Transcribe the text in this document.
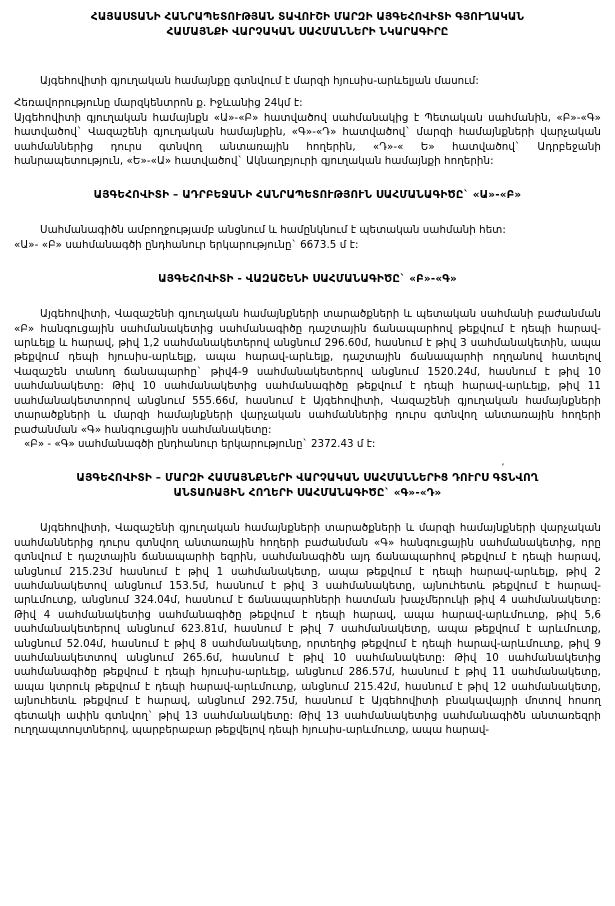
ՀԱՅԱՍՏԱՆԻ ՀԱՆՐԱՊԵՏՈՒԹՅԱՆ ՏԱՎՈՒՇԻ ՄԱՐԶԻ ԱՅԳԵՀՈՎԻՏԻ ԳՅՈՒՂԱԿԱՆ
ՀԱՄԱՅՆՔԻ ՎԱՐՉԱԿԱՆ ՍԱՀՄԱՆՆԵՐԻ ՆԿԱՐԱԳԻՐԸ

Այգեհովիտի գյուղական համայնքը գտնվում է մարզի հյուսիս-արևելյան մասում:

Հեռավորությունը մարզկենտրոն ք. Իջևանից 24կմ է:

Այգեհովիտի գյուղական համայնքն «Ա»-«Բ» հատվածով սահմանակից է Պետական սահմանին, «Բ»-«Գ» հատվածով` Վազաշենի գյուղական համայնքին, «Գ»-«Դ» հատվածով` մարզի համայնքների վարչական սահմաններից դուրս գտնվող անտառային հողերին, «Դ»-« Ե» հատվածով` Ադրբեջանի հանրապետություն, «Ե»-«Ա» հատվածով` Ակնաղբյուրի գյուղական համայնքի հողերին:

ԱՅԳԵՀՈՎԻՏԻ – ԱԴՐԲԵՋԱՆԻ ՀԱՆՐԱՊԵՏՈՒԹՅՈՒՆ ՍԱՀՄԱՆԱԳԻԾԸ` «Ա»-«Բ»

Սահմանագիծն ամբողջությամբ անցնում և համընկնում է պետական սահմանի հետ:

«Ա»- «Բ» սահմանագծի ընդհանուր երկարությունը` 6673.5 մ է:

ԱՅԳԵՀՈՎԻՏԻ - ՎԱԶԱՇԵՆԻ ՍԱՀՄԱՆԱԳԻԾԸ` «Բ»-«Գ»

Այգեհովիտի, Վազաշենի գյուղական համայնքների տարածքների և պետական սահմանի բաժանման «Բ» հանգուցային սահմանակետից սահմանագիծը դաշտային ճանապարհով թեքվում է դեպի հարավ-արևելք և հարավ, թիվ 1,2 սահմանակետերով անցնում 296.60մ, հասնում է թիվ 3 սահմանակետին, ապա թեքվում դեպի հյուսիս-արևելք, ապա հարավ-արևելք, դաշտային ճանապարհի ողղանով հատելով Վազաշեն տանող ճանապարհը` թիվ4-9 սահմանակետերով անցնում 1520.24մ, հասնում է թիվ 10 սահմանակետը: Թիվ 10 սահմանակետից սահմանագիծը թեքվում է դեպի հարավ-արևելք, թիվ 11 սահմանակետտորով անցնում 555.66մ, հասնում է Այգեհովիտի, Վազաշենի գյուղական համայնքների տարածքների և մարզի համայնքների վարչական սահմաններից դուրս գտնվող անտառային հողերի բաժանման «Գ» հանգուցային սահմանակետը:

«Բ» - «Գ» սահմանագծի ընդհանուր երկարությունը` 2372.43 մ է:

ԱՅԳԵՀՈՎԻՏԻ – ՄԱՐԶԻ ՀԱՄԱՅՆՔՆԵՐԻ ՎԱՐՉԱԿԱՆ ՍԱՀՄԱՆՆԵՐԻՑ ԴՈՒՐՍ ԳՏՆՎՈՂ
ʼ
ԱՆՏԱՌԱՅԻՆ ՀՈՂԵՐԻ ՍԱՀՄԱՆԱԳԻԾԸ` «Գ»-«Դ»

Այգեհովիտի, Վազաշենի գյուղական համայնքների տարածքների և մարզի համայնքների վարչական սահմաններից դուրս գտնվող անտառային հողերի բաժանման «Գ» հանգուցային սահմանակետից, որը գտնվում է դաշտային ճանապարհի եզրին, սահմանագիծն այդ ճանապարհով թեքվում է դեպի հարավ, անցնում 215.23մ հասնում է թիվ 1 սահմանակետը, ապա թեքվում է դեպի հարավ-արևելք, թիվ 2 սահմանակետով անցնում 153.5մ, հասնում է թիվ 3 սահմանակետը, այնուհետև թեքվում է հարավ-արևմուտք, անցնում 324.04մ, հասնում է ճանապարհների հատման խաչմերուկի թիվ 4 սահմանակետը: Թիվ 4 սահմանակետից սահմանագիծը թեքվում է դեպի հարավ, ապա հարավ-արևմուտք, թիվ 5,6 սահմանակետերով անցնում 623.81մ, հասնում է թիվ 7 սահմանակետը, ապա թեքվում է արևմուտք, անցնում 52.04մ, հասնում է թիվ 8 սահմանակետը, որտեղից թեքվում է դեպի հարավ-արևմուտք, թիվ 9 սահմանակետտով անցնում 265.6մ, հասնում է թիվ 10 սահմանակետը: Թիվ 10 սահմանակետից սահմանագիծը թեքվում է դեպի հյուսիս-արևելք, անցնում 286.57մ, հասնում է թիվ 11 սահմանակետը, ապա կտրուկ թեքվում է դեպի հարավ-արևմուտք, անցնում 215.42մ, հասնում է թիվ 12 սահմանակետը, այնուհետև թեքվում է հարավ, անցնում 292.75մ, հասնում է Այգեհովիտի բնակավայրի մոտով հոսող գետակի ափին գտնվող` թիվ 13 սահմանակետը: Թիվ 13 սահմանակետից սահմանագիծն անտառեզրի ուղղապտույտներով, պարբերաբար թեքվելով դեպի հյուսիս-արևմուտք, ապա հարավ-
